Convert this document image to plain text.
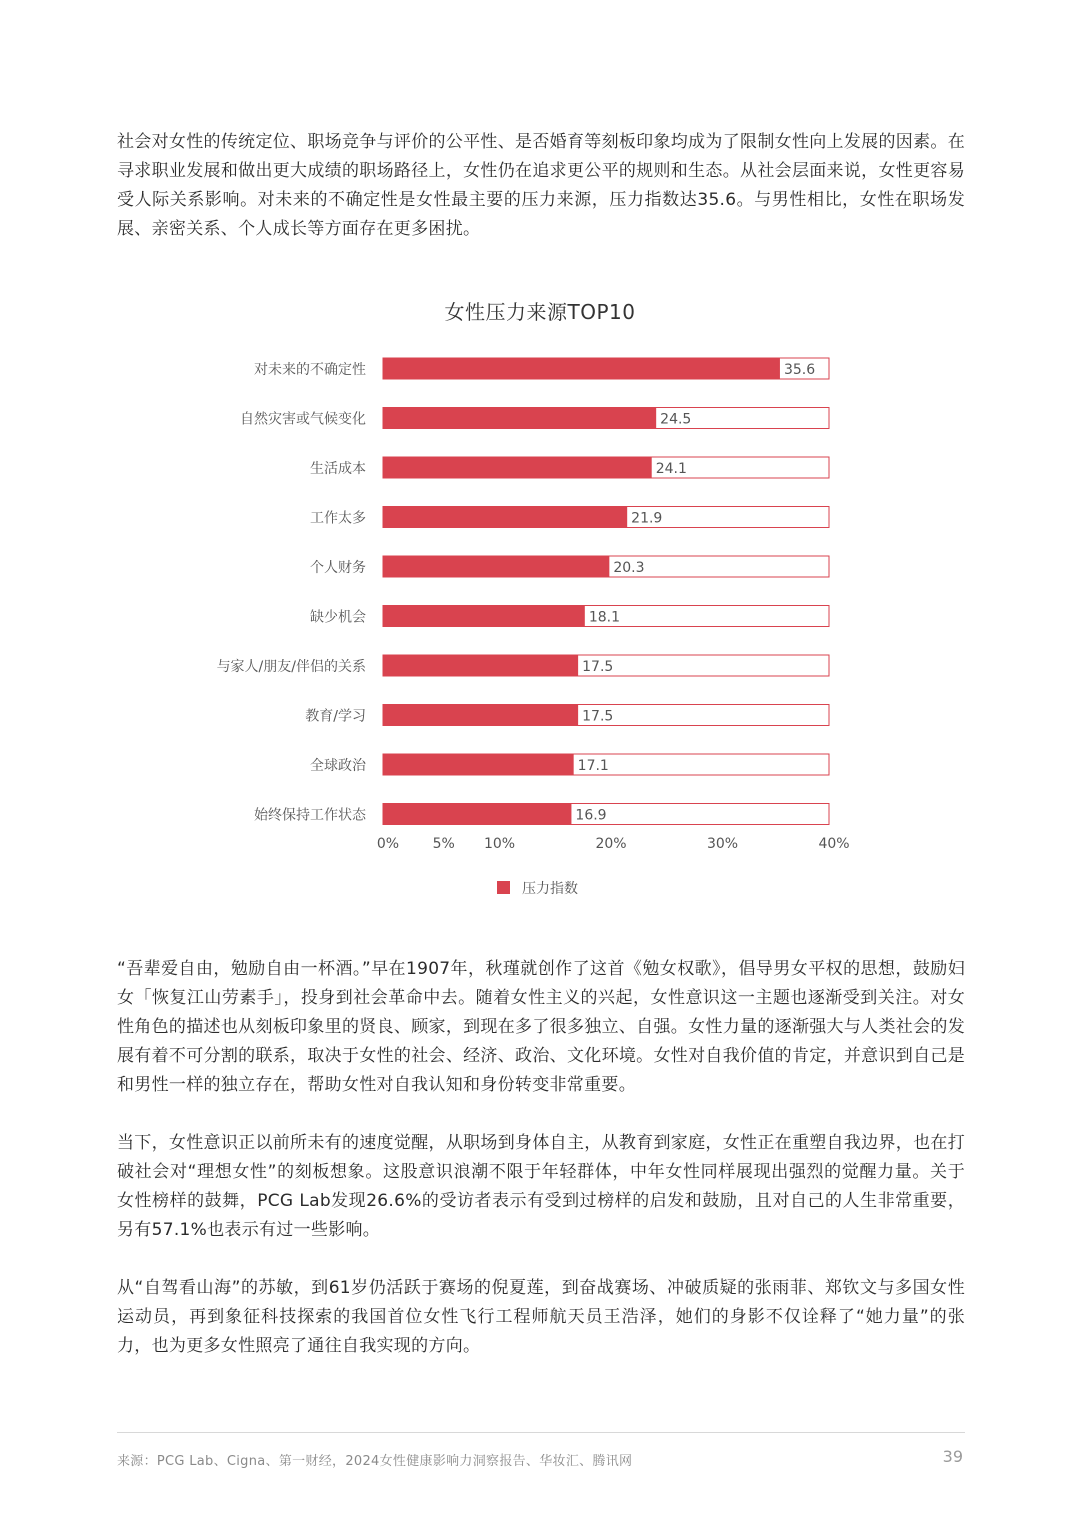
社会对女性的传统定位、职场竞争与评价的公平性、是否婚育等刻板印象均成为了限制女性向上发展的因素。在寻求职业发展和做出更大成绩的职场路径上，女性仍在追求更公平的规则和生态。从社会层面来说，女性更容易受人际关系影响。对未来的不确定性是女性最主要的压力来源，压力指数达35.6。与男性相比，女性在职场发展、亲密关系、个人成长等方面存在更多困扰。

女性压力来源TOP10
对未来的不确定性	35.6
自然灾害或气候变化	24.5
生活成本	24.1
工作太多	21.9
个人财务	20.3
缺少机会	18.1
与家人/朋友/伴侣的关系	17.5
教育/学习	17.5
全球政治	17.1
始终保持工作状态	16.9
0% 5% 10%	20%	30%	40%
压力指数

“吾辈爱自由，勉励自由一杯酒。”早在1907年，秋瑾就创作了这首《勉女权歌》，倡导男女平权的思想，鼓励妇女「恢复江山劳素手」，投身到社会革命中去。随着女性主义的兴起，女性意识这一主题也逐渐受到关注。对女性角色的描述也从刻板印象里的贤良、顾家，到现在多了很多独立、自强。女性力量的逐渐强大与人类社会的发展有着不可分割的联系，取决于女性的社会、经济、政治、文化环境。女性对自我价值的肯定，并意识到自己是和男性一样的独立存在，帮助女性对自我认知和身份转变非常重要。

当下，女性意识正以前所未有的速度觉醒，从职场到身体自主，从教育到家庭，女性正在重塑自我边界，也在打破社会对“理想女性”的刻板想象。这股意识浪潮不限于年轻群体，中年女性同样展现出强烈的觉醒力量。关于女性榜样的鼓舞，PCG Lab发现26.6%的受访者表示有受到过榜样的启发和鼓励，且对自己的人生非常重要，另有57.1%也表示有过一些影响。

从“自驾看山海”的苏敏，到61岁仍活跃于赛场的倪夏莲，到奋战赛场、冲破质疑的张雨菲、郑钦文与多国女性运动员，再到象征科技探索的我国首位女性飞行工程师航天员王浩泽，她们的身影不仅诠释了“她力量”的张力，也为更多女性照亮了通往自我实现的方向。

来源：PCG Lab、Cigna、第一财经，2024女性健康影响力洞察报告、华妆汇、腾讯网	39
